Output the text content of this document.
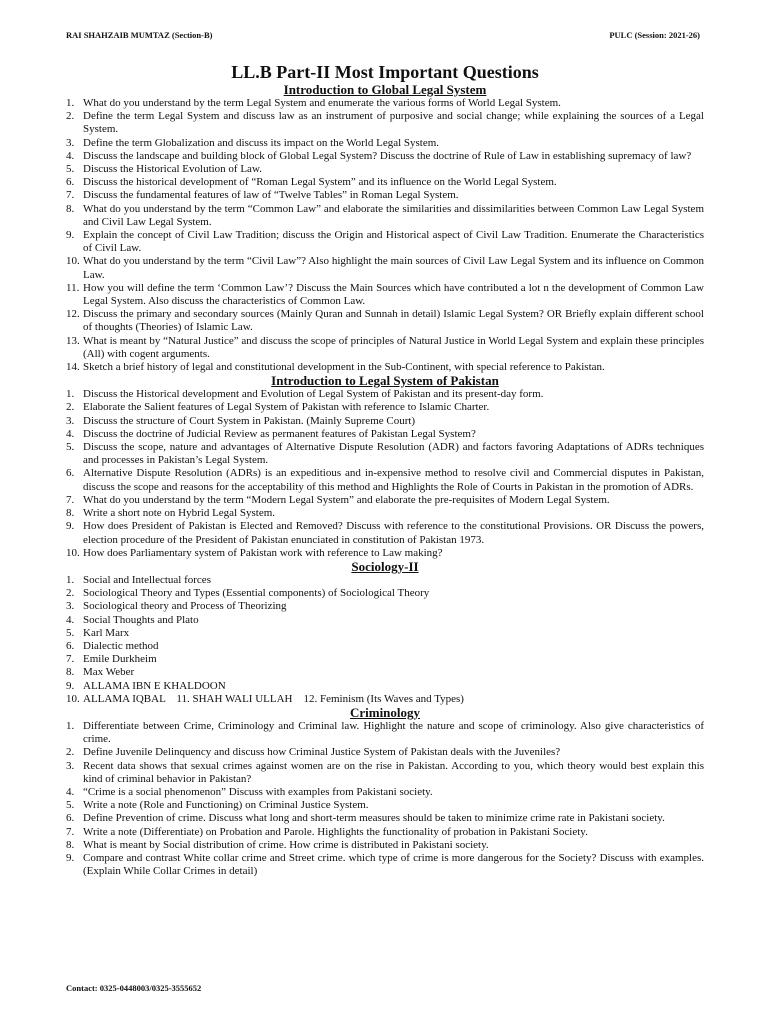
RAI SHAHZAIB MUMTAZ (Section-B)	PULC (Session: 2021-26)
LL.B Part-II Most Important Questions
Introduction to Global Legal System
1. What do you understand by the term Legal System and enumerate the various forms of World Legal System.
2. Define the term Legal System and discuss law as an instrument of purposive and social change; while explaining the sources of a Legal System.
3. Define the term Globalization and discuss its impact on the World Legal System.
4. Discuss the landscape and building block of Global Legal System? Discuss the doctrine of Rule of Law in establishing supremacy of law?
5. Discuss the Historical Evolution of Law.
6. Discuss the historical development of “Roman Legal System” and its influence on the World Legal System.
7. Discuss the fundamental features of law of “Twelve Tables” in Roman Legal System.
8. What do you understand by the term “Common Law” and elaborate the similarities and dissimilarities between Common Law Legal System and Civil Law Legal System.
9. Explain the concept of Civil Law Tradition; discuss the Origin and Historical aspect of Civil Law Tradition. Enumerate the Characteristics of Civil Law.
10. What do you understand by the term “Civil Law”? Also highlight the main sources of Civil Law Legal System and its influence on Common Law.
11. How you will define the term ‘Common Law’? Discuss the Main Sources which have contributed a lot n the development of Common Law Legal System. Also discuss the characteristics of Common Law.
12. Discuss the primary and secondary sources (Mainly Quran and Sunnah in detail) Islamic Legal System? OR Briefly explain different school of thoughts (Theories) of Islamic Law.
13. What is meant by “Natural Justice” and discuss the scope of principles of Natural Justice in World Legal System and explain these principles (All) with cogent arguments.
14. Sketch a brief history of legal and constitutional development in the Sub-Continent, with special reference to Pakistan.
Introduction to Legal System of Pakistan
1. Discuss the Historical development and Evolution of Legal System of Pakistan and its present-day form.
2. Elaborate the Salient features of Legal System of Pakistan with reference to Islamic Charter.
3. Discuss the structure of Court System in Pakistan. (Mainly Supreme Court)
4. Discuss the doctrine of Judicial Review as permanent features of Pakistan Legal System?
5. Discuss the scope, nature and advantages of Alternative Dispute Resolution (ADR) and factors favoring Adaptations of ADRs techniques and processes in Pakistan’s Legal System.
6. Alternative Dispute Resolution (ADRs) is an expeditious and in-expensive method to resolve civil and Commercial disputes in Pakistan, discuss the scope and reasons for the acceptability of this method and Highlights the Role of Courts in Pakistan in the promotion of ADRs.
7. What do you understand by the term “Modern Legal System” and elaborate the pre-requisites of Modern Legal System.
8. Write a short note on Hybrid Legal System.
9. How does President of Pakistan is Elected and Removed? Discuss with reference to the constitutional Provisions. OR Discuss the powers, election procedure of the President of Pakistan enunciated in constitution of Pakistan 1973.
10. How does Parliamentary system of Pakistan work with reference to Law making?
Sociology-II
1. Social and Intellectual forces
2. Sociological Theory and Types (Essential components) of Sociological Theory
3. Sociological theory and Process of Theorizing
4. Social Thoughts and Plato
5. Karl Marx
6. Dialectic method
7. Emile Durkheim
8. Max Weber
9. ALLAMA IBN E KHALDOON
10. ALLAMA IQBAL    11. SHAH WALI ULLAH    12. Feminism (Its Waves and Types)
Criminology
1. Differentiate between Crime, Criminology and Criminal law. Highlight the nature and scope of criminology. Also give characteristics of crime.
2. Define Juvenile Delinquency and discuss how Criminal Justice System of Pakistan deals with the Juveniles?
3. Recent data shows that sexual crimes against women are on the rise in Pakistan. According to you, which theory would best explain this kind of criminal behavior in Pakistan?
4. “Crime is a social phenomenon” Discuss with examples from Pakistani society.
5. Write a note (Role and Functioning) on Criminal Justice System.
6. Define Prevention of crime. Discuss what long and short-term measures should be taken to minimize crime rate in Pakistani society.
7. Write a note (Differentiate) on Probation and Parole. Highlights the functionality of probation in Pakistani Society.
8. What is meant by Social distribution of crime. How crime is distributed in Pakistani society.
9. Compare and contrast White collar crime and Street crime. which type of crime is more dangerous for the Society? Discuss with examples. (Explain While Collar Crimes in detail)
Contact: 0325-0448003/0325-3555652
